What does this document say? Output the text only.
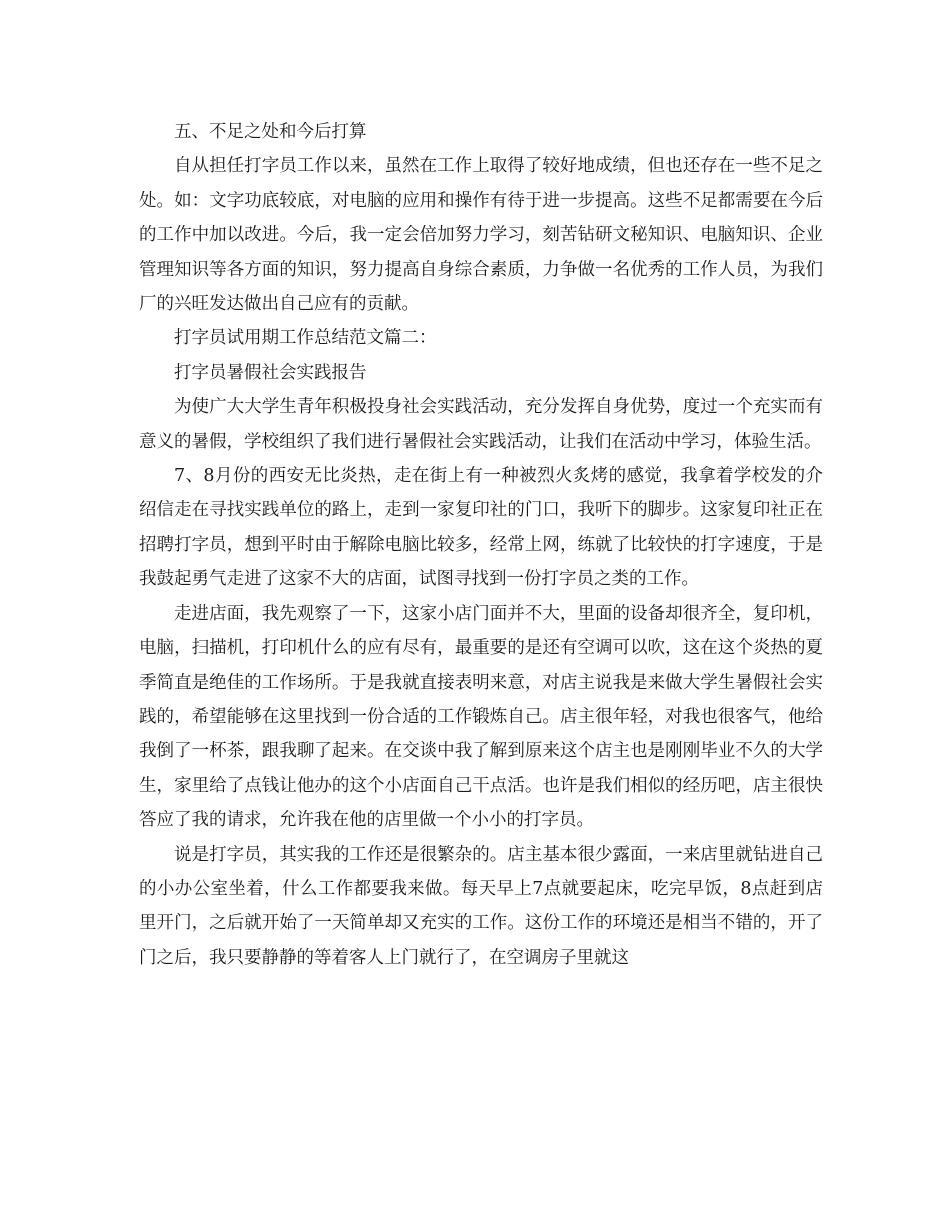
五、不足之处和今后打算

自从担任打字员工作以来，虽然在工作上取得了较好地成绩，但也还存在一些不足之处。如：文字功底较底，对电脑的应用和操作有待于进一步提高。这些不足都需要在今后的工作中加以改进。今后，我一定会倍加努力学习，刻苦钻研文秘知识、电脑知识、企业管理知识等各方面的知识，努力提高自身综合素质，力争做一名优秀的工作人员，为我们厂的兴旺发达做出自己应有的贡献。

打字员试用期工作总结范文篇二：

打字员暑假社会实践报告

为使广大大学生青年积极投身社会实践活动，充分发挥自身优势，度过一个充实而有意义的暑假，学校组织了我们进行暑假社会实践活动，让我们在活动中学习，体验生活。

7、8月份的西安无比炎热，走在街上有一种被烈火炙烤的感觉，我拿着学校发的介绍信走在寻找实践单位的路上，走到一家复印社的门口，我听下的脚步。这家复印社正在招聘打字员，想到平时由于解除电脑比较多，经常上网，练就了比较快的打字速度，于是我鼓起勇气走进了这家不大的店面，试图寻找到一份打字员之类的工作。

走进店面，我先观察了一下，这家小店门面并不大，里面的设备却很齐全，复印机，电脑，扫描机，打印机什么的应有尽有，最重要的是还有空调可以吹，这在这个炎热的夏季简直是绝佳的工作场所。于是我就直接表明来意，对店主说我是来做大学生暑假社会实践的，希望能够在这里找到一份合适的工作锻炼自己。店主很年轻，对我也很客气，他给我倒了一杯茶，跟我聊了起来。在交谈中我了解到原来这个店主也是刚刚毕业不久的大学生，家里给了点钱让他办的这个小店面自己干点活。也许是我们相似的经历吧，店主很快答应了我的请求，允许我在他的店里做一个小小的打字员。

说是打字员，其实我的工作还是很繁杂的。店主基本很少露面，一来店里就钻进自己的小办公室坐着，什么工作都要我来做。每天早上7点就要起床，吃完早饭，8点赶到店里开门，之后就开始了一天简单却又充实的工作。这份工作的环境还是相当不错的，开了门之后，我只要静静的等着客人上门就行了，在空调房子里就这
